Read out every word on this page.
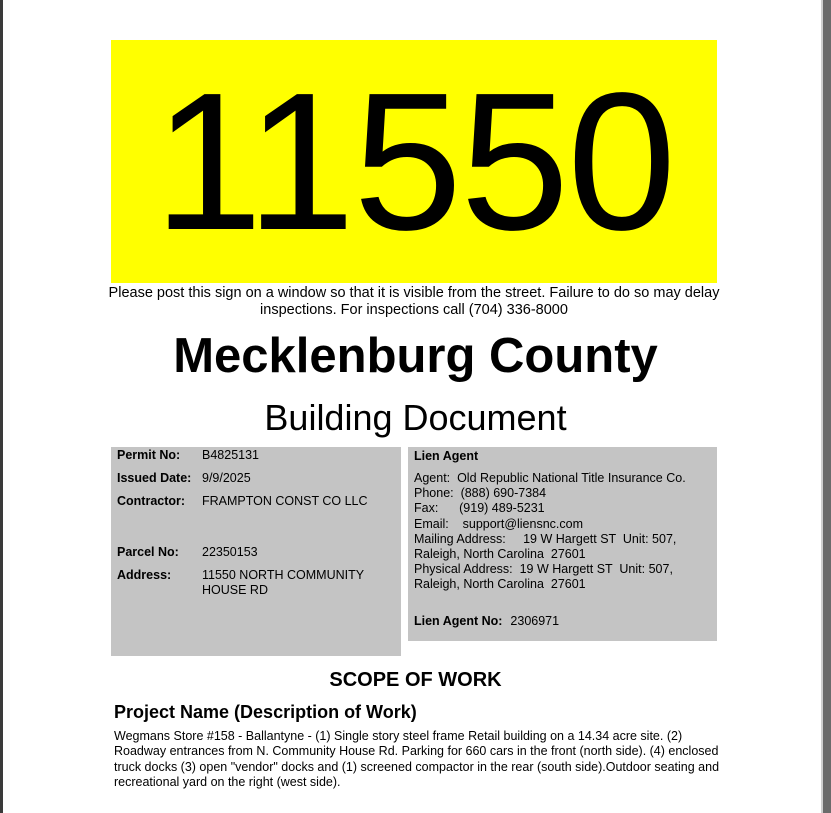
11550
Please post this sign on a window so that it is visible from the street. Failure to do so may delay inspections. For inspections call (704) 336-8000
Mecklenburg County
Building Document
Permit No:	B4825131
Issued Date: 9/9/2025
Contractor:	FRAMPTON CONST CO LLC
Parcel No:	22350153
Address:	11550 NORTH COMMUNITY HOUSE RD
Lien Agent
Agent:  Old Republic National Title Insurance Co.
Phone:  (888) 690-7384
Fax:      (919) 489-5231
Email:    support@liensnc.com
Mailing Address:     19 W Hargett ST  Unit: 507,
Raleigh, North Carolina  27601
Physical Address:  19 W Hargett ST  Unit: 507,
Raleigh, North Carolina  27601
Lien Agent No: 2306971
SCOPE OF WORK
Project Name (Description of Work)
Wegmans Store #158 - Ballantyne - (1) Single story steel frame Retail building on a 14.34 acre site. (2) Roadway entrances from N. Community House Rd. Parking for 660 cars in the front (north side). (4) enclosed truck docks (3) open "vendor" docks and (1) screened compactor in the rear (south side).Outdoor seating and recreational yard on the right (west side).
